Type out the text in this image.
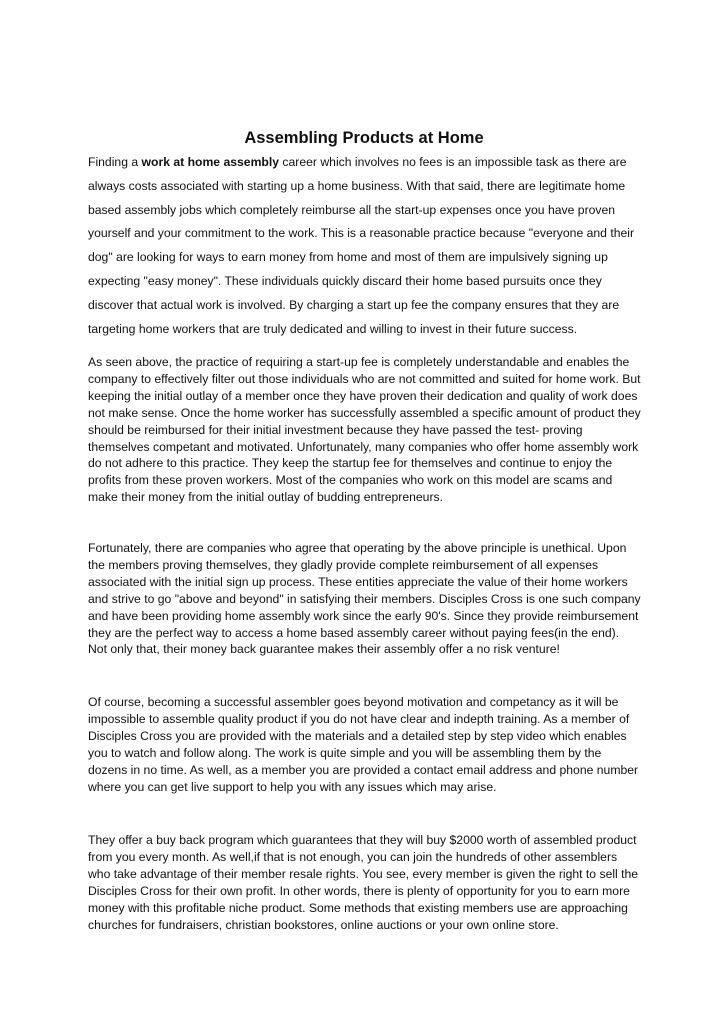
Assembling Products at Home

Finding a work at home assembly career which involves no fees is an impossible task as there are
always costs associated with starting up a home business. With that said, there are legitimate home
based assembly jobs which completely reimburse all the start-up expenses once you have proven
yourself and your commitment to the work. This is a reasonable practice because "everyone and their
dog" are looking for ways to earn money from home and most of them are impulsively signing up
expecting "easy money". These individuals quickly discard their home based pursuits once they
discover that actual work is involved. By charging a start up fee the company ensures that they are
targeting home workers that are truly dedicated and willing to invest in their future success.

As seen above, the practice of requiring a start-up fee is completely understandable and enables the
company to effectively filter out those individuals who are not committed and suited for home work. But
keeping the initial outlay of a member once they have proven their dedication and quality of work does
not make sense. Once the home worker has successfully assembled a specific amount of product they
should be reimbursed for their initial investment because they have passed the test- proving
themselves competant and motivated. Unfortunately, many companies who offer home assembly work
do not adhere to this practice. They keep the startup fee for themselves and continue to enjoy the
profits from these proven workers. Most of the companies who work on this model are scams and
make their money from the initial outlay of budding entrepreneurs.

Fortunately, there are companies who agree that operating by the above principle is unethical. Upon
the members proving themselves, they gladly provide complete reimbursement of all expenses
associated with the initial sign up process. These entities appreciate the value of their home workers
and strive to go "above and beyond" in satisfying their members. Disciples Cross is one such company
and have been providing home assembly work since the early 90's. Since they provide reimbursement
they are the perfect way to access a home based assembly career without paying fees(in the end).
Not only that, their money back guarantee makes their assembly offer a no risk venture!

Of course, becoming a successful assembler goes beyond motivation and competancy as it will be
impossible to assemble quality product if you do not have clear and indepth training. As a member of
Disciples Cross you are provided with the materials and a detailed step by step video which enables
you to watch and follow along. The work is quite simple and you will be assembling them by the
dozens in no time. As well, as a member you are provided a contact email address and phone number
where you can get live support to help you with any issues which may arise.

They offer a buy back program which guarantees that they will buy $2000 worth of assembled product
from you every month. As well,if that is not enough, you can join the hundreds of other assemblers
who take advantage of their member resale rights. You see, every member is given the right to sell the
Disciples Cross for their own profit. In other words, there is plenty of opportunity for you to earn more
money with this profitable niche product. Some methods that existing members use are approaching
churches for fundraisers, christian bookstores, online auctions or your own online store.
